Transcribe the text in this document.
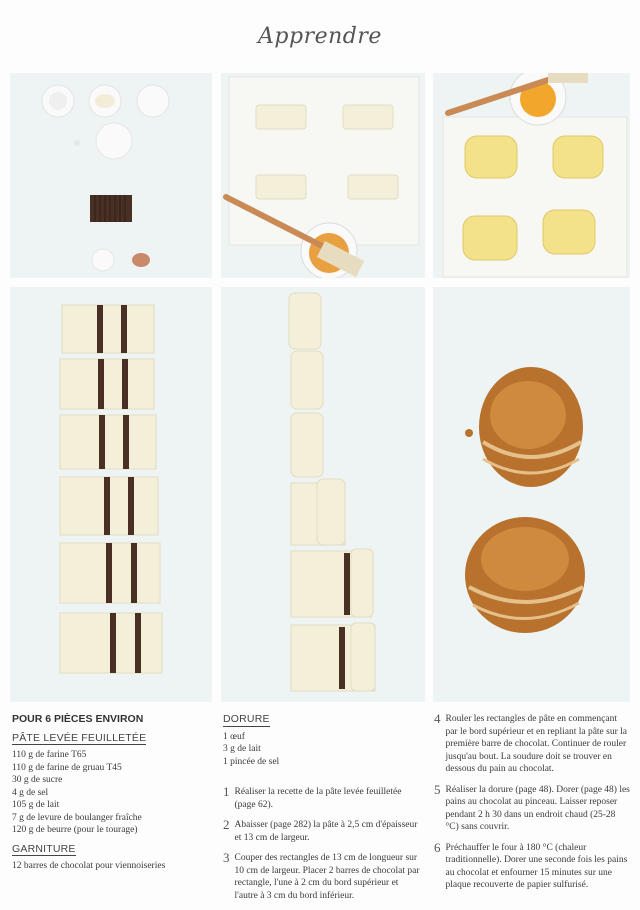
Apprendre
POUR 6 PIÈCES ENVIRON
PÂTE LEVÉE FEUILLETÉE
110 g de farine T65
110 g de farine de gruau T45
30 g de sucre
4 g de sel
105 g de lait
7 g de levure de boulanger fraîche
120 g de beurre (pour le tourage)
GARNITURE
12 barres de chocolat pour viennoiseries
DORURE
1 œuf
3 g de lait
1 pincée de sel
1 Réaliser la recette de la pâte levée feuilletée (page 62).
2 Abaisser (page 282) la pâte à 2,5 cm d'épaisseur et 13 cm de largeur.
3 Couper des rectangles de 13 cm de longueur sur 10 cm de largeur. Placer 2 barres de chocolat par rectangle, l'une à 2 cm du bord supérieur et l'autre à 3 cm du bord inférieur.
4 Rouler les rectangles de pâte en commençant par le bord supérieur et en repliant la pâte sur la première barre de chocolat. Continuer de rouler jusqu'au bout. La soudure doit se trouver en dessous du pain au chocolat.
5 Réaliser la dorure (page 48). Dorer (page 48) les pains au chocolat au pinceau. Laisser reposer pendant 2 h 30 dans un endroit chaud (25-28 °C) sans couvrir.
6 Préchauffer le four à 180 °C (chaleur traditionnelle). Dorer une seconde fois les pains au chocolat et enfourner 15 minutes sur une plaque recouverte de papier sulfurisé.
